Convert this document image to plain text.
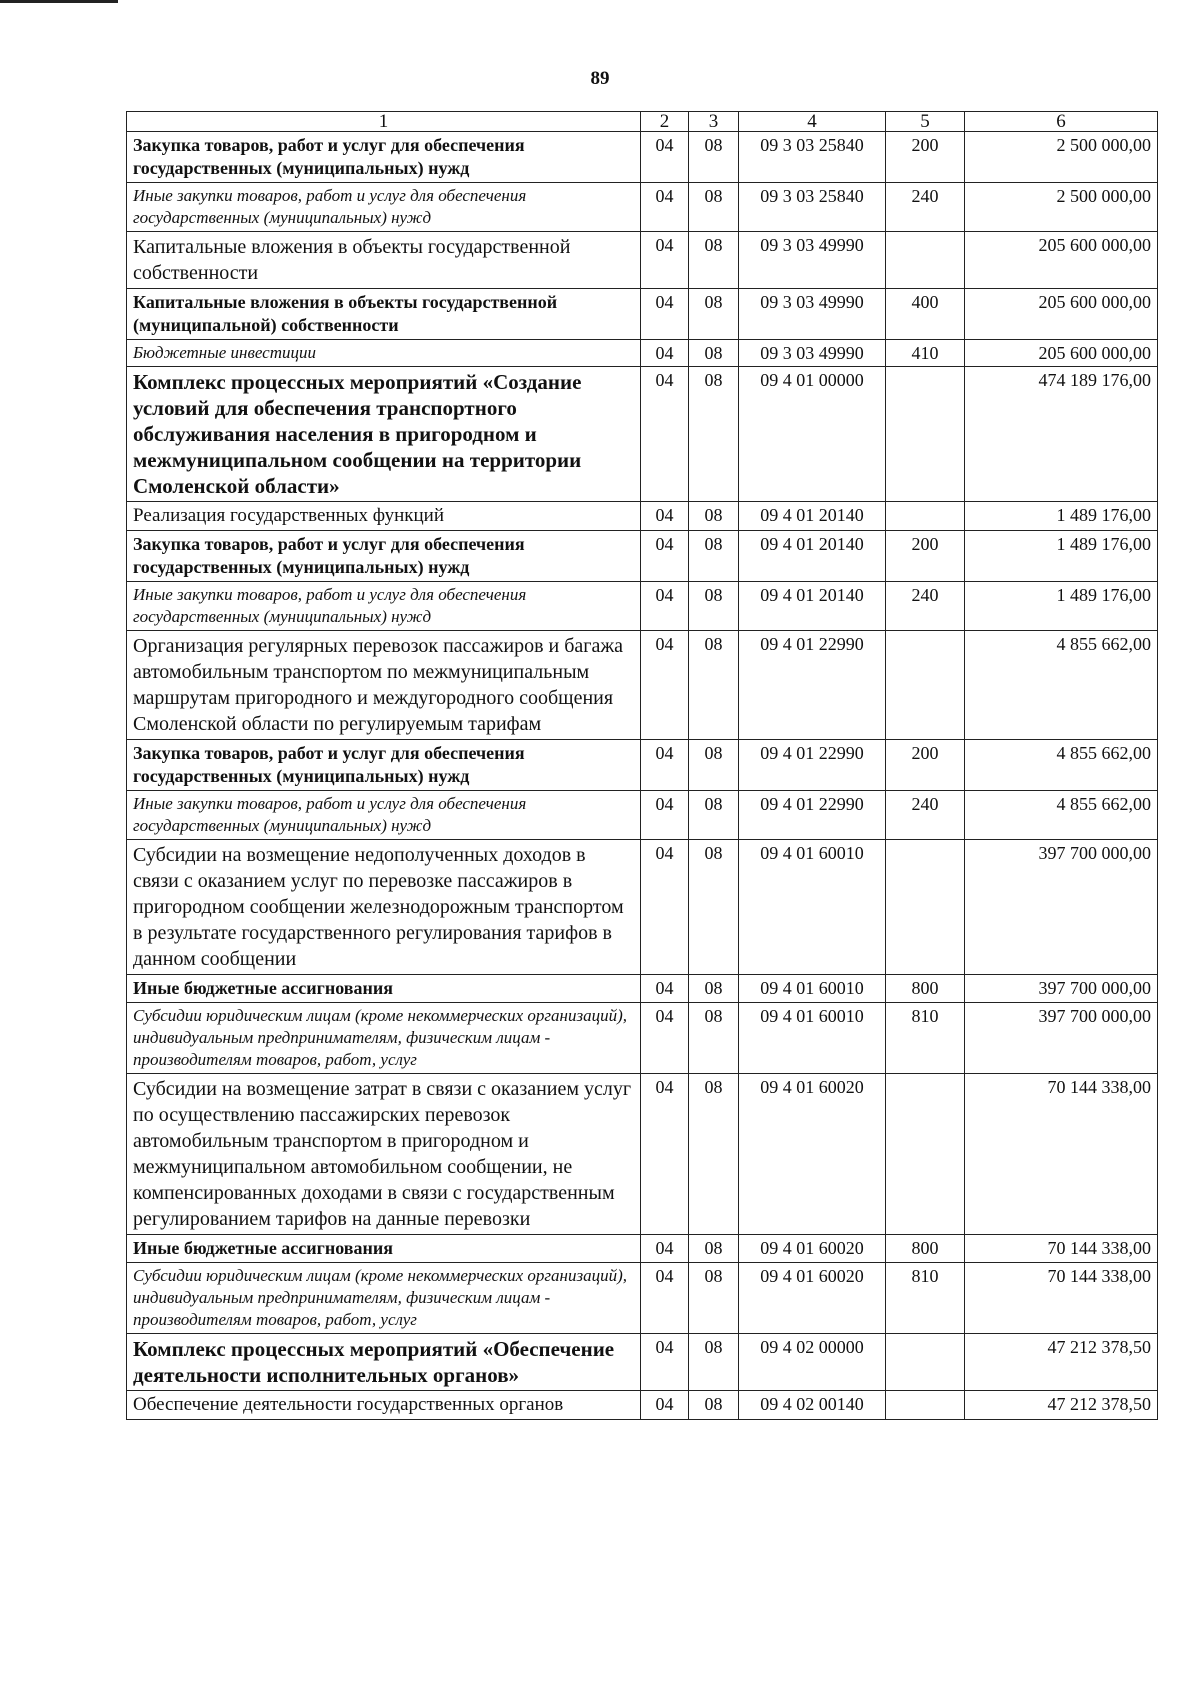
89
1	2	3	4	5	6
Закупка товаров, работ и услуг для обеспечения государственных (муниципальных) нужд	04	08	09 3 03 25840	200	2 500 000,00
Иные закупки товаров, работ и услуг для обеспечения государственных (муниципальных) нужд	04	08	09 3 03 25840	240	2 500 000,00
Капитальные вложения в объекты государственной собственности	04	08	09 3 03 49990		205 600 000,00
Капитальные вложения в объекты государственной (муниципальной) собственности	04	08	09 3 03 49990	400	205 600 000,00
Бюджетные инвестиции	04	08	09 3 03 49990	410	205 600 000,00
Комплекс процессных мероприятий «Создание условий для обеспечения транспортного обслуживания населения в пригородном и межмуниципальном сообщении на территории Смоленской области»	04	08	09 4 01 00000		474 189 176,00
Реализация государственных функций	04	08	09 4 01 20140		1 489 176,00
Закупка товаров, работ и услуг для обеспечения государственных (муниципальных) нужд	04	08	09 4 01 20140	200	1 489 176,00
Иные закупки товаров, работ и услуг для обеспечения государственных (муниципальных) нужд	04	08	09 4 01 20140	240	1 489 176,00
Организация регулярных перевозок пассажиров и багажа автомобильным транспортом по межмуниципальным маршрутам пригородного и междугородного сообщения Смоленской области по регулируемым тарифам	04	08	09 4 01 22990		4 855 662,00
Закупка товаров, работ и услуг для обеспечения государственных (муниципальных) нужд	04	08	09 4 01 22990	200	4 855 662,00
Иные закупки товаров, работ и услуг для обеспечения государственных (муниципальных) нужд	04	08	09 4 01 22990	240	4 855 662,00
Субсидии на возмещение недополученных доходов в связи с оказанием услуг по перевозке пассажиров в пригородном сообщении железнодорожным транспортом в результате государственного регулирования тарифов в данном сообщении	04	08	09 4 01 60010		397 700 000,00
Иные бюджетные ассигнования	04	08	09 4 01 60010	800	397 700 000,00
Субсидии юридическим лицам (кроме некоммерческих организаций), индивидуальным предпринимателям, физическим лицам - производителям товаров, работ, услуг	04	08	09 4 01 60010	810	397 700 000,00
Субсидии на возмещение затрат в связи с оказанием услуг по осуществлению пассажирских перевозок автомобильным транспортом в пригородном и межмуниципальном автомобильном сообщении, не компенсированных доходами в связи с государственным регулированием тарифов на данные перевозки	04	08	09 4 01 60020		70 144 338,00
Иные бюджетные ассигнования	04	08	09 4 01 60020	800	70 144 338,00
Субсидии юридическим лицам (кроме некоммерческих организаций), индивидуальным предпринимателям, физическим лицам - производителям товаров, работ, услуг	04	08	09 4 01 60020	810	70 144 338,00
Комплекс процессных мероприятий «Обеспечение деятельности исполнительных органов»	04	08	09 4 02 00000		47 212 378,50
Обеспечение деятельности государственных органов	04	08	09 4 02 00140		47 212 378,50
